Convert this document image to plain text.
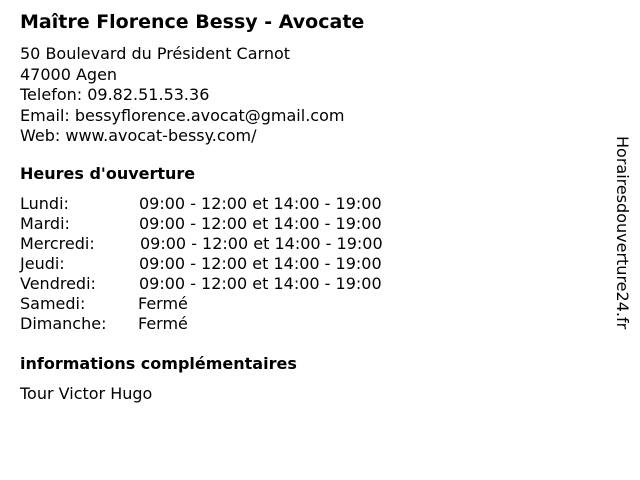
Maître Florence Bessy - Avocate
50 Boulevard du Président Carnot
47000 Agen
Telefon: 09.82.51.53.36
Email: bessyflorence.avocat@gmail.com
Web: www.avocat-bessy.com/
Heures d'ouverture
Lundi:	09:00 - 12:00 et 14:00 - 19:00
Mardi:	09:00 - 12:00 et 14:00 - 19:00
Mercredi:	09:00 - 12:00 et 14:00 - 19:00
Jeudi:	09:00 - 12:00 et 14:00 - 19:00
Vendredi:	09:00 - 12:00 et 14:00 - 19:00
Samedi:	Fermé
Dimanche: Fermé
informations complémentaires
Tour Victor Hugo
Horairesdouverture24.fr
